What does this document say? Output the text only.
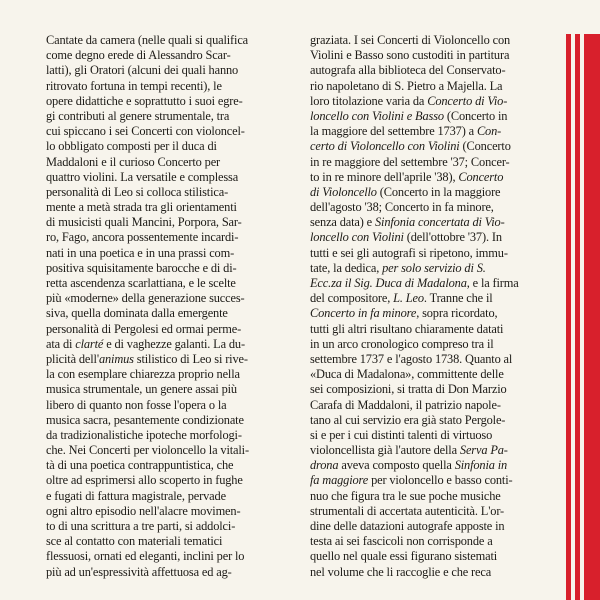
Cantate da camera (nelle quali si qualifica
come degno erede di Alessandro Scar-
latti), gli Oratori (alcuni dei quali hanno
ritrovato fortuna in tempi recenti), le
opere didattiche e soprattutto i suoi egre-
gi contributi al genere strumentale, tra
cui spiccano i sei Concerti con violoncel-
lo obbligato composti per il duca di
Maddaloni e il curioso Concerto per
quattro violini. La versatile e complessa
personalità di Leo si colloca stilistica-
mente a metà strada tra gli orientamenti
di musicisti quali Mancini, Porpora, Sar-
ro, Fago, ancora possentemente incardi-
nati in una poetica e in una prassi com-
positiva squisitamente barocche e di di-
retta ascendenza scarlattiana, e le scelte
più «moderne» della generazione succes-
siva, quella dominata dalla emergente
personalità di Pergolesi ed ormai perme-
ata di clarté e di vaghezze galanti. La du-
plicità dell'animus stilistico di Leo si rive-
la con esemplare chiarezza proprio nella
musica strumentale, un genere assai più
libero di quanto non fosse l'opera o la
musica sacra, pesantemente condizionate
da tradizionalistiche ipoteche morfologi-
che. Nei Concerti per violoncello la vitali-
tà di una poetica contrappuntistica, che
oltre ad esprimersi allo scoperto in fughe
e fugati di fattura magistrale, pervade
ogni altro episodio nell'alacre movimen-
to di una scrittura a tre parti, si addolci-
sce al contatto con materiali tematici
flessuosi, ornati ed eleganti, inclini per lo
più ad un'espressività affettuosa ed ag-
graziata. I sei Concerti di Violoncello con
Violini e Basso sono custoditi in partitura
autografa alla biblioteca del Conservato-
rio napoletano di S. Pietro a Majella. La
loro titolazione varia da Concerto di Vio-
loncello con Violini e Basso (Concerto in
la maggiore del settembre 1737) a Con-
certo di Violoncello con Violini (Concerto
in re maggiore del settembre '37; Concer-
to in re minore dell'aprile '38), Concerto
di Violoncello (Concerto in la maggiore
dell'agosto '38; Concerto in fa minore,
senza data) e Sinfonia concertata di Vio-
loncello con Violini (dell'ottobre '37). In
tutti e sei gli autografi si ripetono, immu-
tate, la dedica, per solo servizio di S.
Ecc.za il Sig. Duca di Madalona, e la firma
del compositore, L. Leo. Tranne che il
Concerto in fa minore, sopra ricordato,
tutti gli altri risultano chiaramente datati
in un arco cronologico compreso tra il
settembre 1737 e l'agosto 1738. Quanto al
«Duca di Madalona», committente delle
sei composizioni, si tratta di Don Marzio
Carafa di Maddaloni, il patrizio napole-
tano al cui servizio era già stato Pergole-
si e per i cui distinti talenti di virtuoso
violoncellista già l'autore della Serva Pa-
drona aveva composto quella Sinfonia in
fa maggiore per violoncello e basso conti-
nuo che figura tra le sue poche musiche
strumentali di accertata autenticità. L'or-
dine delle datazioni autografe apposte in
testa ai sei fascicoli non corrisponde a
quello nel quale essi figurano sistemati
nel volume che li raccoglie e che reca
